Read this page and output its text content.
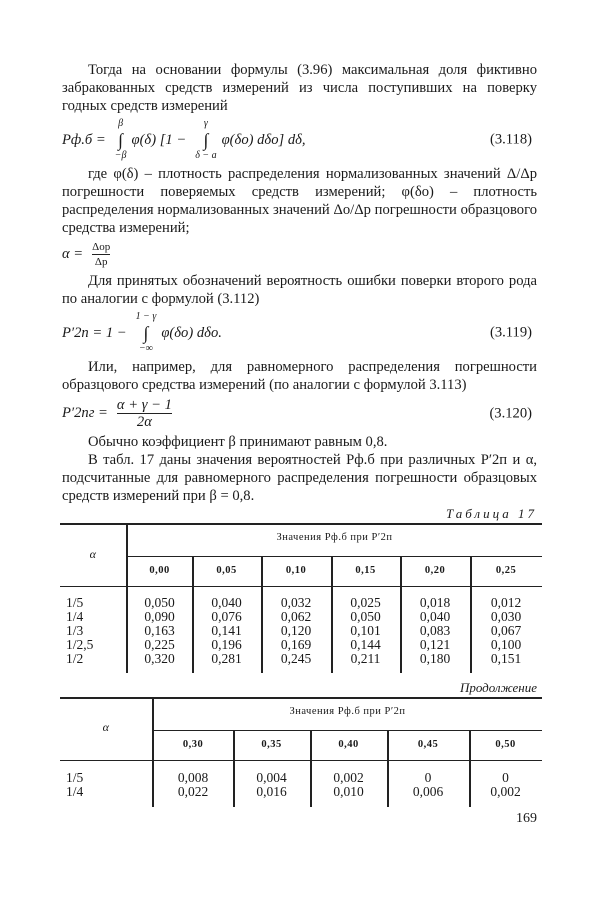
Тогда на основании формулы (3.96) максимальная доля фиктивно забракованных средств измерений из числа поступивших на поверку годных средств измерений
Pф.б =
β
∫
−β
φ(δ) [1 −
γ
∫
δ − a
φ(δо) dδо] dδ,	(3.118)
где φ(δ) – плотность распределения нормализованных значений Δ/Δp погрешности поверяемых средств измерений; φ(δо) – плотность распределения нормализованных значений Δо/Δp погрешности образцового средства измерений;
$\alpha = \frac{\text{Δор}}{\Delta р}$
Для принятых обозначений вероятность ошибки поверки второго рода по аналогии с формулой (3.112)
P′2п = 1 −
1 − γ
∫
−∞
φ(δо) dδо.	(3.119)
Или, например, для равномерного распределения погрешности образцового средства измерений (по аналогии с формулой 3.113)
$P'2пг = \frac{\alpha + \gamma - 1}{2\alpha}$	(3.120)
Обычно коэффициент β принимают равным 0,8.
В табл. 17 даны значения вероятностей Pф.б при различных P′2п и α, подсчитанные для равномерного распределения погрешности образцовых средств измерений при β = 0,8.
Таблица 17
α
Значения Pф.б при P′2п
0,00	0,05	0,10	0,15	0,20	0,25
1/5	0,050	0,040	0,032	0,025	0,018	0,012
1/4	0,090	0,076	0,062	0,050	0,040	0,030
1/3	0,163	0,141	0,120	0,101	0,083	0,067
1/2,5	0,225	0,196	0,169	0,144	0,121	0,100
1/2	0,320	0,281	0,245	0,211	0,180	0,151
Продолжение
α
Значения Pф.б при P′2п
0,30	0,35	0,40	0,45	0,50
1/5	0,008	0,004	0,002	0	0
1/4	0,022	0,016	0,010	0,006	0,002
169
